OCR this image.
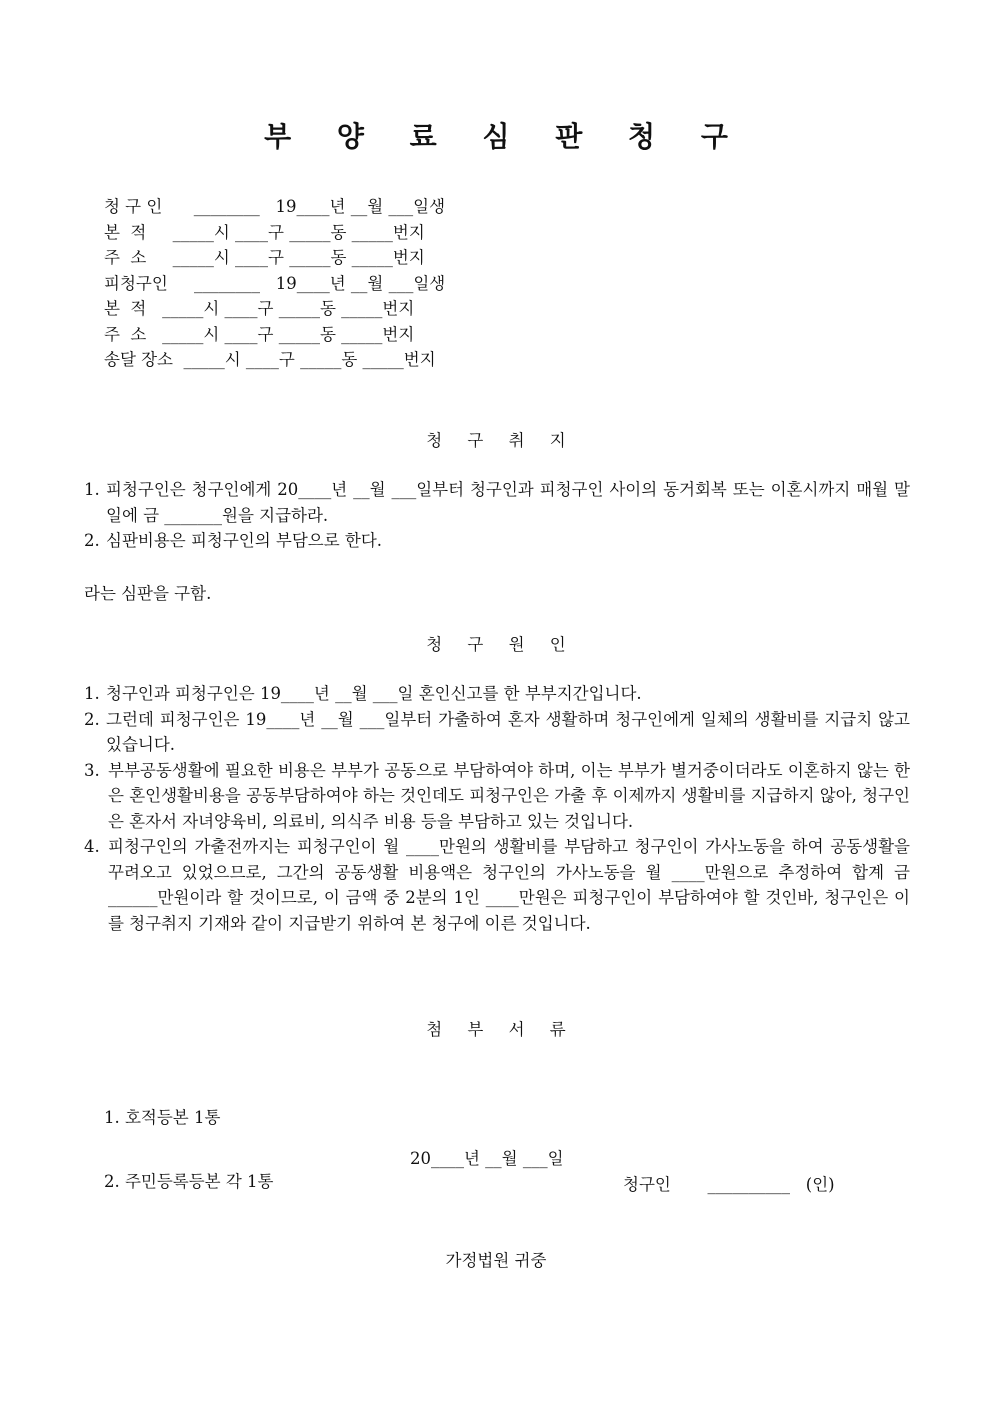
부 양 료 심 판 청 구
청 구 인      ________   19____년 __월 ___일생
본  적     _____시 ____구 _____동 _____번지
주  소     _____시 ____구 _____동 _____번지
피청구인     ________   19____년 __월 ___일생
본  적   _____시 ____구 _____동 _____번지
주  소   _____시 ____구 _____동 _____번지
송달 장소  _____시 ____구 _____동 _____번지
청 구 취 지
1. 피청구인은 청구인에게 20____년 __월 ___일부터 청구인과 피청구인 사이의 동거회복 또는 이혼시까지 매월 말일에 금 _______원을 지급하라.
2. 심판비용은 피청구인의 부담으로 한다.
라는 심판을 구함.
청 구 원 인
1. 청구인과 피청구인은 19____년 __월 ___일 혼인신고를 한 부부지간입니다.
2. 그런데 피청구인은 19____년 __월 ___일부터 가출하여 혼자 생활하며 청구인에게 일체의 생활비를 지급치 않고 있습니다.
3. 부부공동생활에 필요한 비용은 부부가 공동으로 부담하여야 하며, 이는 부부가 별거중이더라도 이혼하지 않는 한은 혼인생활비용을 공동부담하여야 하는 것인데도 피청구인은 가출 후 이제까지 생활비를 지급하지 않아, 청구인은 혼자서 자녀양육비, 의료비, 의식주 비용 등을 부담하고 있는 것입니다.
4. 피청구인의 가출전까지는 피청구인이 월 ____만원의 생활비를 부담하고 청구인이 가사노동을 하여 공동생활을 꾸려오고 있었으므로, 그간의 공동생활 비용액은 청구인의 가사노동을 월 ____만원으로 추정하여 합계 금 ______만원이라 할 것이므로, 이 금액 중 2분의 1인 ____만원은 피청구인이 부담하여야 할 것인바, 청구인은 이를 청구취지 기재와 같이 지급받기 위하여 본 청구에 이른 것입니다.
첨 부 서 류

1. 호적등본 1통

2. 주민등록등본 각 1통

20____년 __월 ___일
청구인       __________   (인)
가정법원 귀중
